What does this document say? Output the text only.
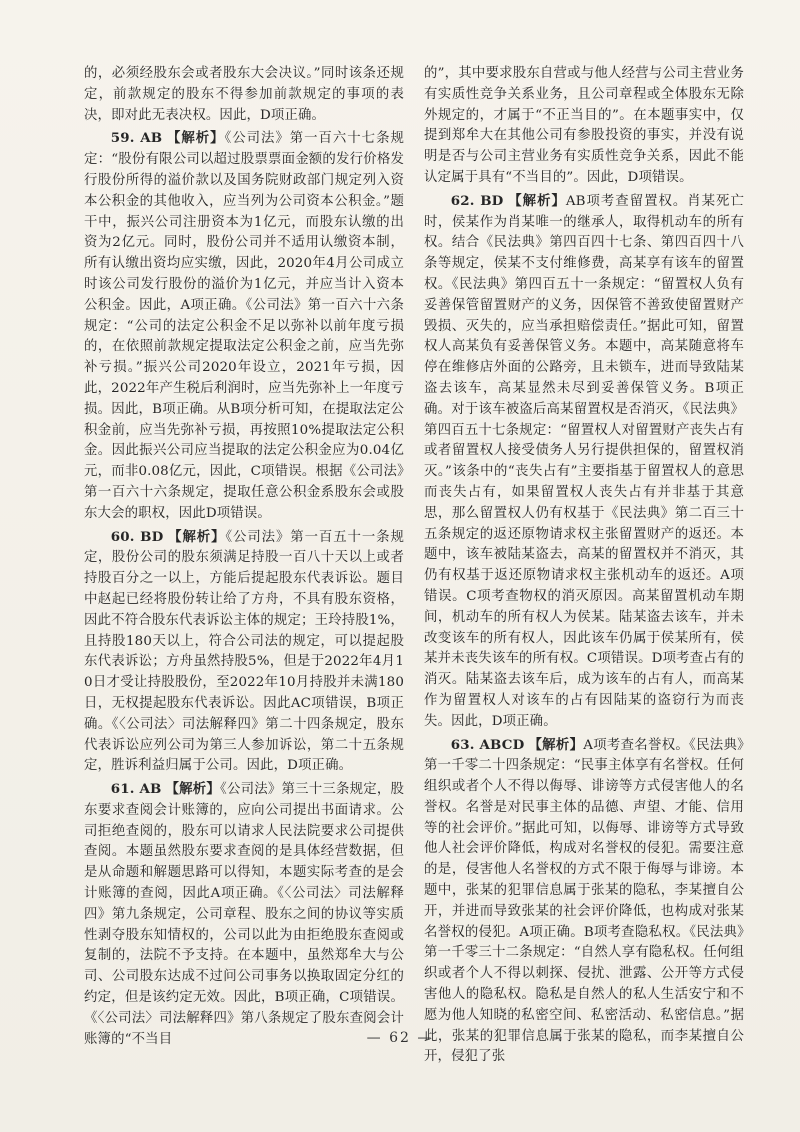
的，必须经股东会或者股东大会决议。”同时该条还规定，前款规定的股东不得参加前款规定的事项的表决，即对此无表决权。因此，D项正确。

59. AB 【解析】《公司法》第一百六十七条规定：“股份有限公司以超过股票票面金额的发行价格发行股份所得的溢价款以及国务院财政部门规定列入资本公积金的其他收入，应当列为公司资本公积金。”题干中，振兴公司注册资本为1亿元，而股东认缴的出资为2亿元。同时，股份公司并不适用认缴资本制，所有认缴出资均应实缴，因此，2020年4月公司成立时该公司发行股份的溢价为1亿元，并应当计入资本公积金。因此，A项正确。《公司法》第一百六十六条规定：“公司的法定公积金不足以弥补以前年度亏损的，在依照前款规定提取法定公积金之前，应当先弥补亏损。”振兴公司2020年设立，2021年亏损，因此，2022年产生税后利润时，应当先弥补上一年度亏损。因此，B项正确。从B项分析可知，在提取法定公积金前，应当先弥补亏损，再按照10%提取法定公积金。因此振兴公司应当提取的法定公积金应为0.04亿元，而非0.08亿元，因此，C项错误。根据《公司法》第一百六十六条规定，提取任意公积金系股东会或股东大会的职权，因此D项错误。

60. BD 【解析】《公司法》第一百五十一条规定，股份公司的股东须满足持股一百八十天以上或者持股百分之一以上，方能后提起股东代表诉讼。题目中赵起已经将股份转让给了方舟，不具有股东资格，因此不符合股东代表诉讼主体的规定；王玲持股1%，且持股180天以上，符合公司法的规定，可以提起股东代表诉讼；方舟虽然持股5%，但是于2022年4月10日才受让持股股份，至2022年10月持股并未满180日，无权提起股东代表诉讼。因此AC项错误，B项正确。《〈公司法〉司法解释四》第二十四条规定，股东代表诉讼应列公司为第三人参加诉讼，第二十五条规定，胜诉利益归属于公司。因此，D项正确。

61. AB 【解析】《公司法》第三十三条规定，股东要求查阅会计账簿的，应向公司提出书面请求。公司拒绝查阅的，股东可以请求人民法院要求公司提供查阅。本题虽然股东要求查阅的是具体经营数据，但是从命题和解题思路可以得知，本题实际考查的是会计账簿的查阅，因此A项正确。《〈公司法〉司法解释四》第九条规定，公司章程、股东之间的协议等实质性剥夺股东知情权的，公司以此为由拒绝股东查阅或复制的，法院不予支持。在本题中，虽然郑牟大与公司、公司股东达成不过问公司事务以换取固定分红的约定，但是该约定无效。因此，B项正确，C项错误。《〈公司法〉司法解释四》第八条规定了股东查阅会计账簿的“不当目

的”，其中要求股东自营或与他人经营与公司主营业务有实质性竞争关系业务，且公司章程或全体股东无除外规定的，才属于“不正当目的”。在本题事实中，仅提到郑牟大在其他公司有参股投资的事实，并没有说明是否与公司主营业务有实质性竞争关系，因此不能认定属于具有“不当目的”。因此，D项错误。

62. BD 【解析】AB项考查留置权。肖某死亡时，侯某作为肖某唯一的继承人，取得机动车的所有权。结合《民法典》第四百四十七条、第四百四十八条等规定，侯某不支付维修费，高某享有该车的留置权。《民法典》第四百五十一条规定：“留置权人负有妥善保管留置财产的义务，因保管不善致使留置财产毁损、灭失的，应当承担赔偿责任。”据此可知，留置权人高某负有妥善保管义务。本题中，高某随意将车停在维修店外面的公路旁，且未锁车，进而导致陆某盗去该车，高某显然未尽到妥善保管义务。B项正确。对于该车被盗后高某留置权是否消灭，《民法典》第四百五十七条规定：“留置权人对留置财产丧失占有或者留置权人接受债务人另行提供担保的，留置权消灭。”该条中的“丧失占有”主要指基于留置权人的意思而丧失占有，如果留置权人丧失占有并非基于其意思，那么留置权人仍有权基于《民法典》第二百三十五条规定的返还原物请求权主张留置财产的返还。本题中，该车被陆某盗去，高某的留置权并不消灭，其仍有权基于返还原物请求权主张机动车的返还。A项错误。C项考查物权的消灭原因。高某留置机动车期间，机动车的所有权人为侯某。陆某盗去该车，并未改变该车的所有权人，因此该车仍属于侯某所有，侯某并未丧失该车的所有权。C项错误。D项考查占有的消灭。陆某盗去该车后，成为该车的占有人，而高某作为留置权人对该车的占有因陆某的盗窃行为而丧失。因此，D项正确。

63. ABCD 【解析】A项考查名誉权。《民法典》第一千零二十四条规定：“民事主体享有名誉权。任何组织或者个人不得以侮辱、诽谤等方式侵害他人的名誉权。名誉是对民事主体的品德、声望、才能、信用等的社会评价。”据此可知，以侮辱、诽谤等方式导致他人社会评价降低，构成对名誉权的侵犯。需要注意的是，侵害他人名誉权的方式不限于侮辱与诽谤。本题中，张某的犯罪信息属于张某的隐私，李某擅自公开，并进而导致张某的社会评价降低，也构成对张某名誉权的侵犯。A项正确。B项考查隐私权。《民法典》第一千零三十二条规定：“自然人享有隐私权。任何组织或者个人不得以刺探、侵扰、泄露、公开等方式侵害他人的隐私权。隐私是自然人的私人生活安宁和不愿为他人知晓的私密空间、私密活动、私密信息。”据此，张某的犯罪信息属于张某的隐私，而李某擅自公开，侵犯了张

— 62 —
